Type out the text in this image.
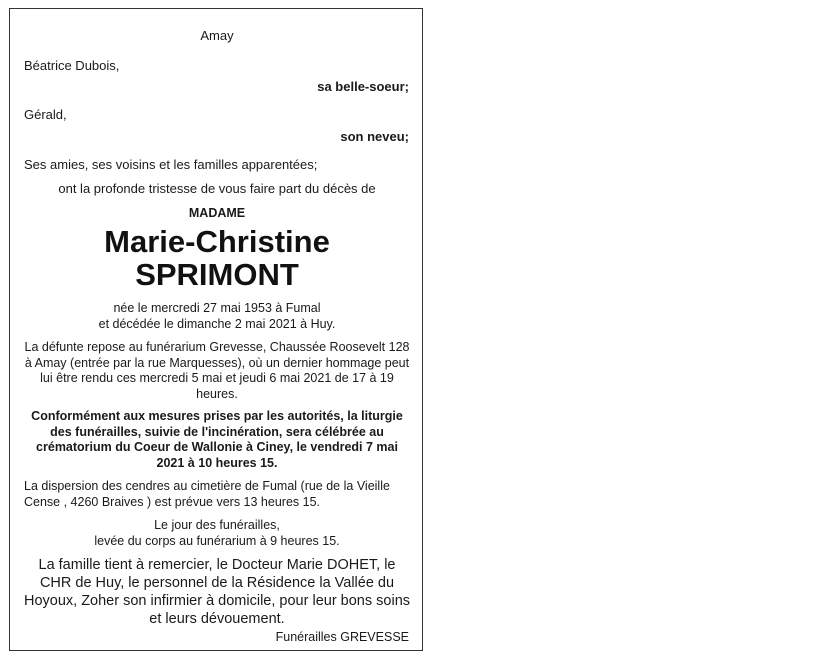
Amay

Béatrice Dubois,

sa belle-soeur;

Gérald,

son neveu;

Ses amies, ses voisins et les familles apparentées;

ont la profonde tristesse de vous faire part du décès de

MADAME

Marie-Christine SPRIMONT

née le mercredi 27 mai 1953 à Fumal

et décédée le dimanche 2 mai 2021 à Huy.

La défunte repose au funérarium Grevesse, Chaussée Roosevelt 128 à Amay (entrée par la rue Marquesses), où un dernier hommage peut lui être rendu ces mercredi 5 mai et jeudi 6 mai 2021 de 17 à 19 heures.

Conformément aux mesures prises par les autorités, la liturgie des funérailles, suivie de l'incinération, sera célébrée au crématorium du Coeur de Wallonie à Ciney, le vendredi 7 mai 2021 à 10 heures 15.

La dispersion des cendres au cimetière de Fumal (rue de la Vieille Cense , 4260 Braives ) est prévue vers 13 heures 15.

Le jour des funérailles,

levée du corps au funérarium à 9 heures 15.

La famille tient à remercier, le Docteur Marie DOHET, le CHR de Huy, le personnel de la Résidence la Vallée du Hoyoux, Zoher son infirmier à domicile, pour leur bons soins et leurs dévouement.

Funérailles GREVESSE
